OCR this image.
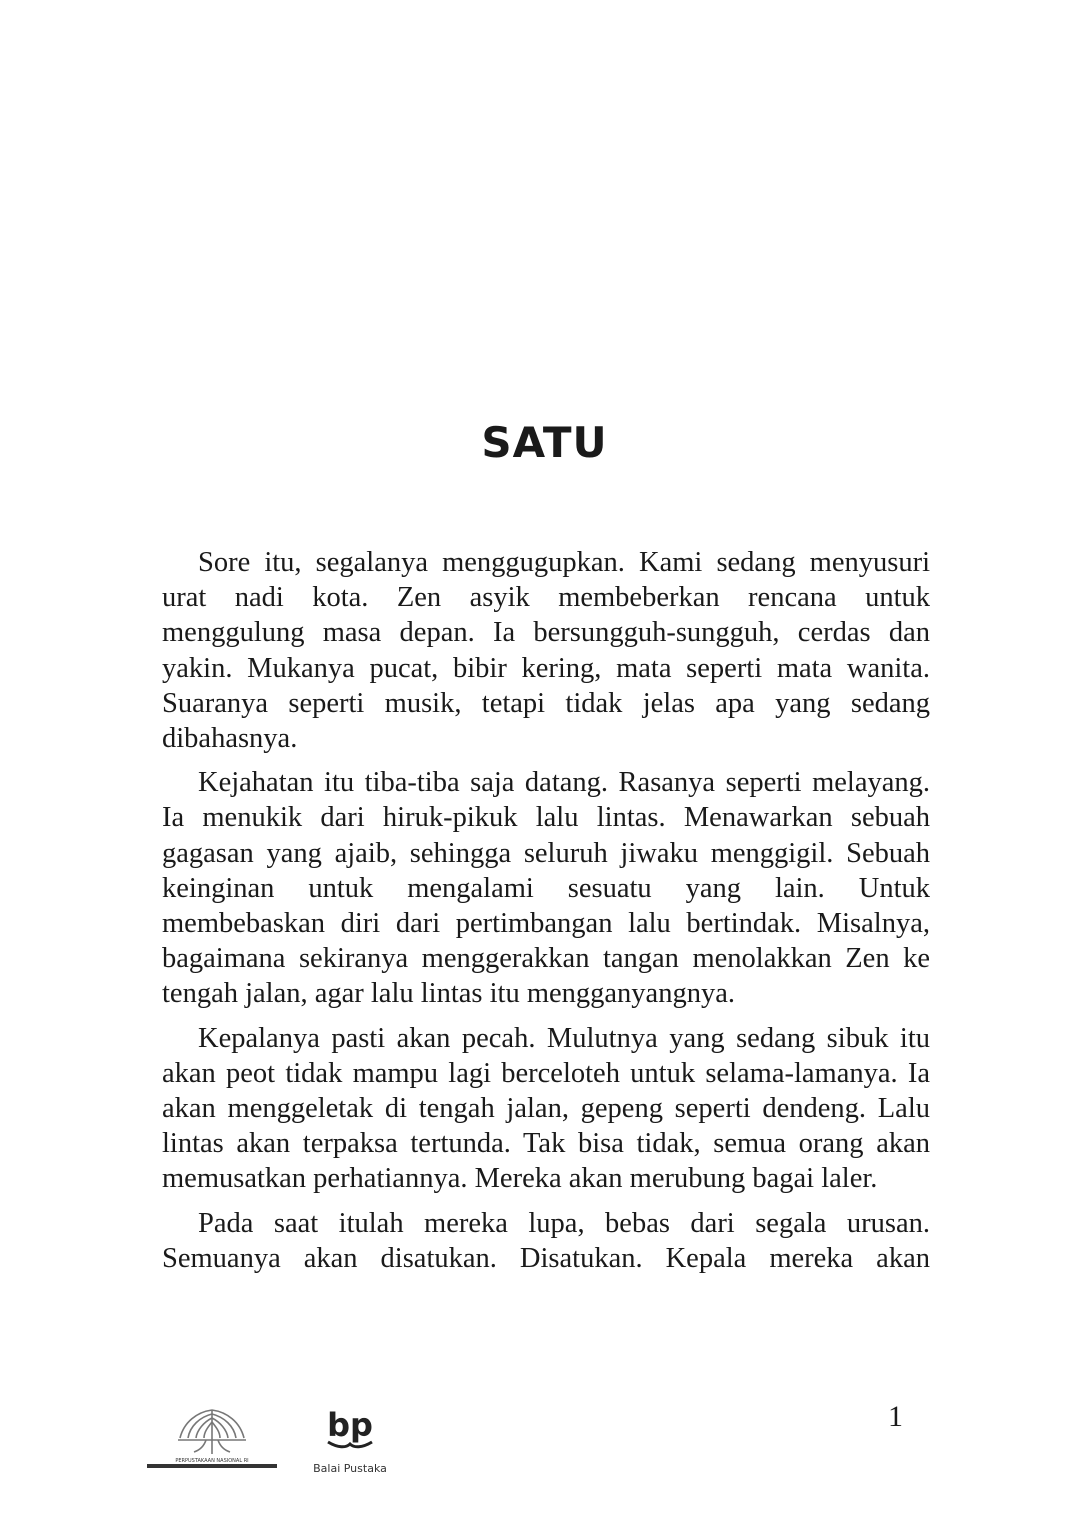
SATU

Sore itu, segalanya menggugupkan. Kami sedang menyusuri urat nadi kota. Zen asyik membeberkan rencana untuk menggulung masa depan. Ia bersungguh-sungguh, cerdas dan yakin. Mukanya pucat, bibir kering, mata seperti mata wanita. Suaranya seperti musik, tetapi tidak jelas apa yang sedang dibahasnya.

Kejahatan itu tiba-tiba saja datang. Rasanya seperti melayang. Ia menukik dari hiruk-pikuk lalu lintas. Menawarkan sebuah gagasan yang ajaib, sehingga seluruh jiwaku menggigil. Sebuah keinginan untuk mengalami sesuatu yang lain. Untuk membebaskan diri dari pertimbangan lalu bertindak. Misalnya, bagaimana sekiranya menggerakkan tangan menolakkan Zen ke tengah jalan, agar lalu lintas itu mengganyangnya.

Kepalanya pasti akan pecah. Mulutnya yang sedang sibuk itu akan peot tidak mampu lagi berceloteh untuk selama-lamanya. Ia akan menggeletak di tengah jalan, gepeng seperti dendeng. Lalu lintas akan terpaksa tertunda. Tak bisa tidak, semua orang akan memusatkan perhatiannya. Mereka akan merubung bagai laler.

Pada saat itulah mereka lupa, bebas dari segala urusan. Semuanya akan disatukan. Disatukan. Kepala mereka akan

PERPUSTAKAAN NASIONAL RI
bp
Balai Pustaka
1
